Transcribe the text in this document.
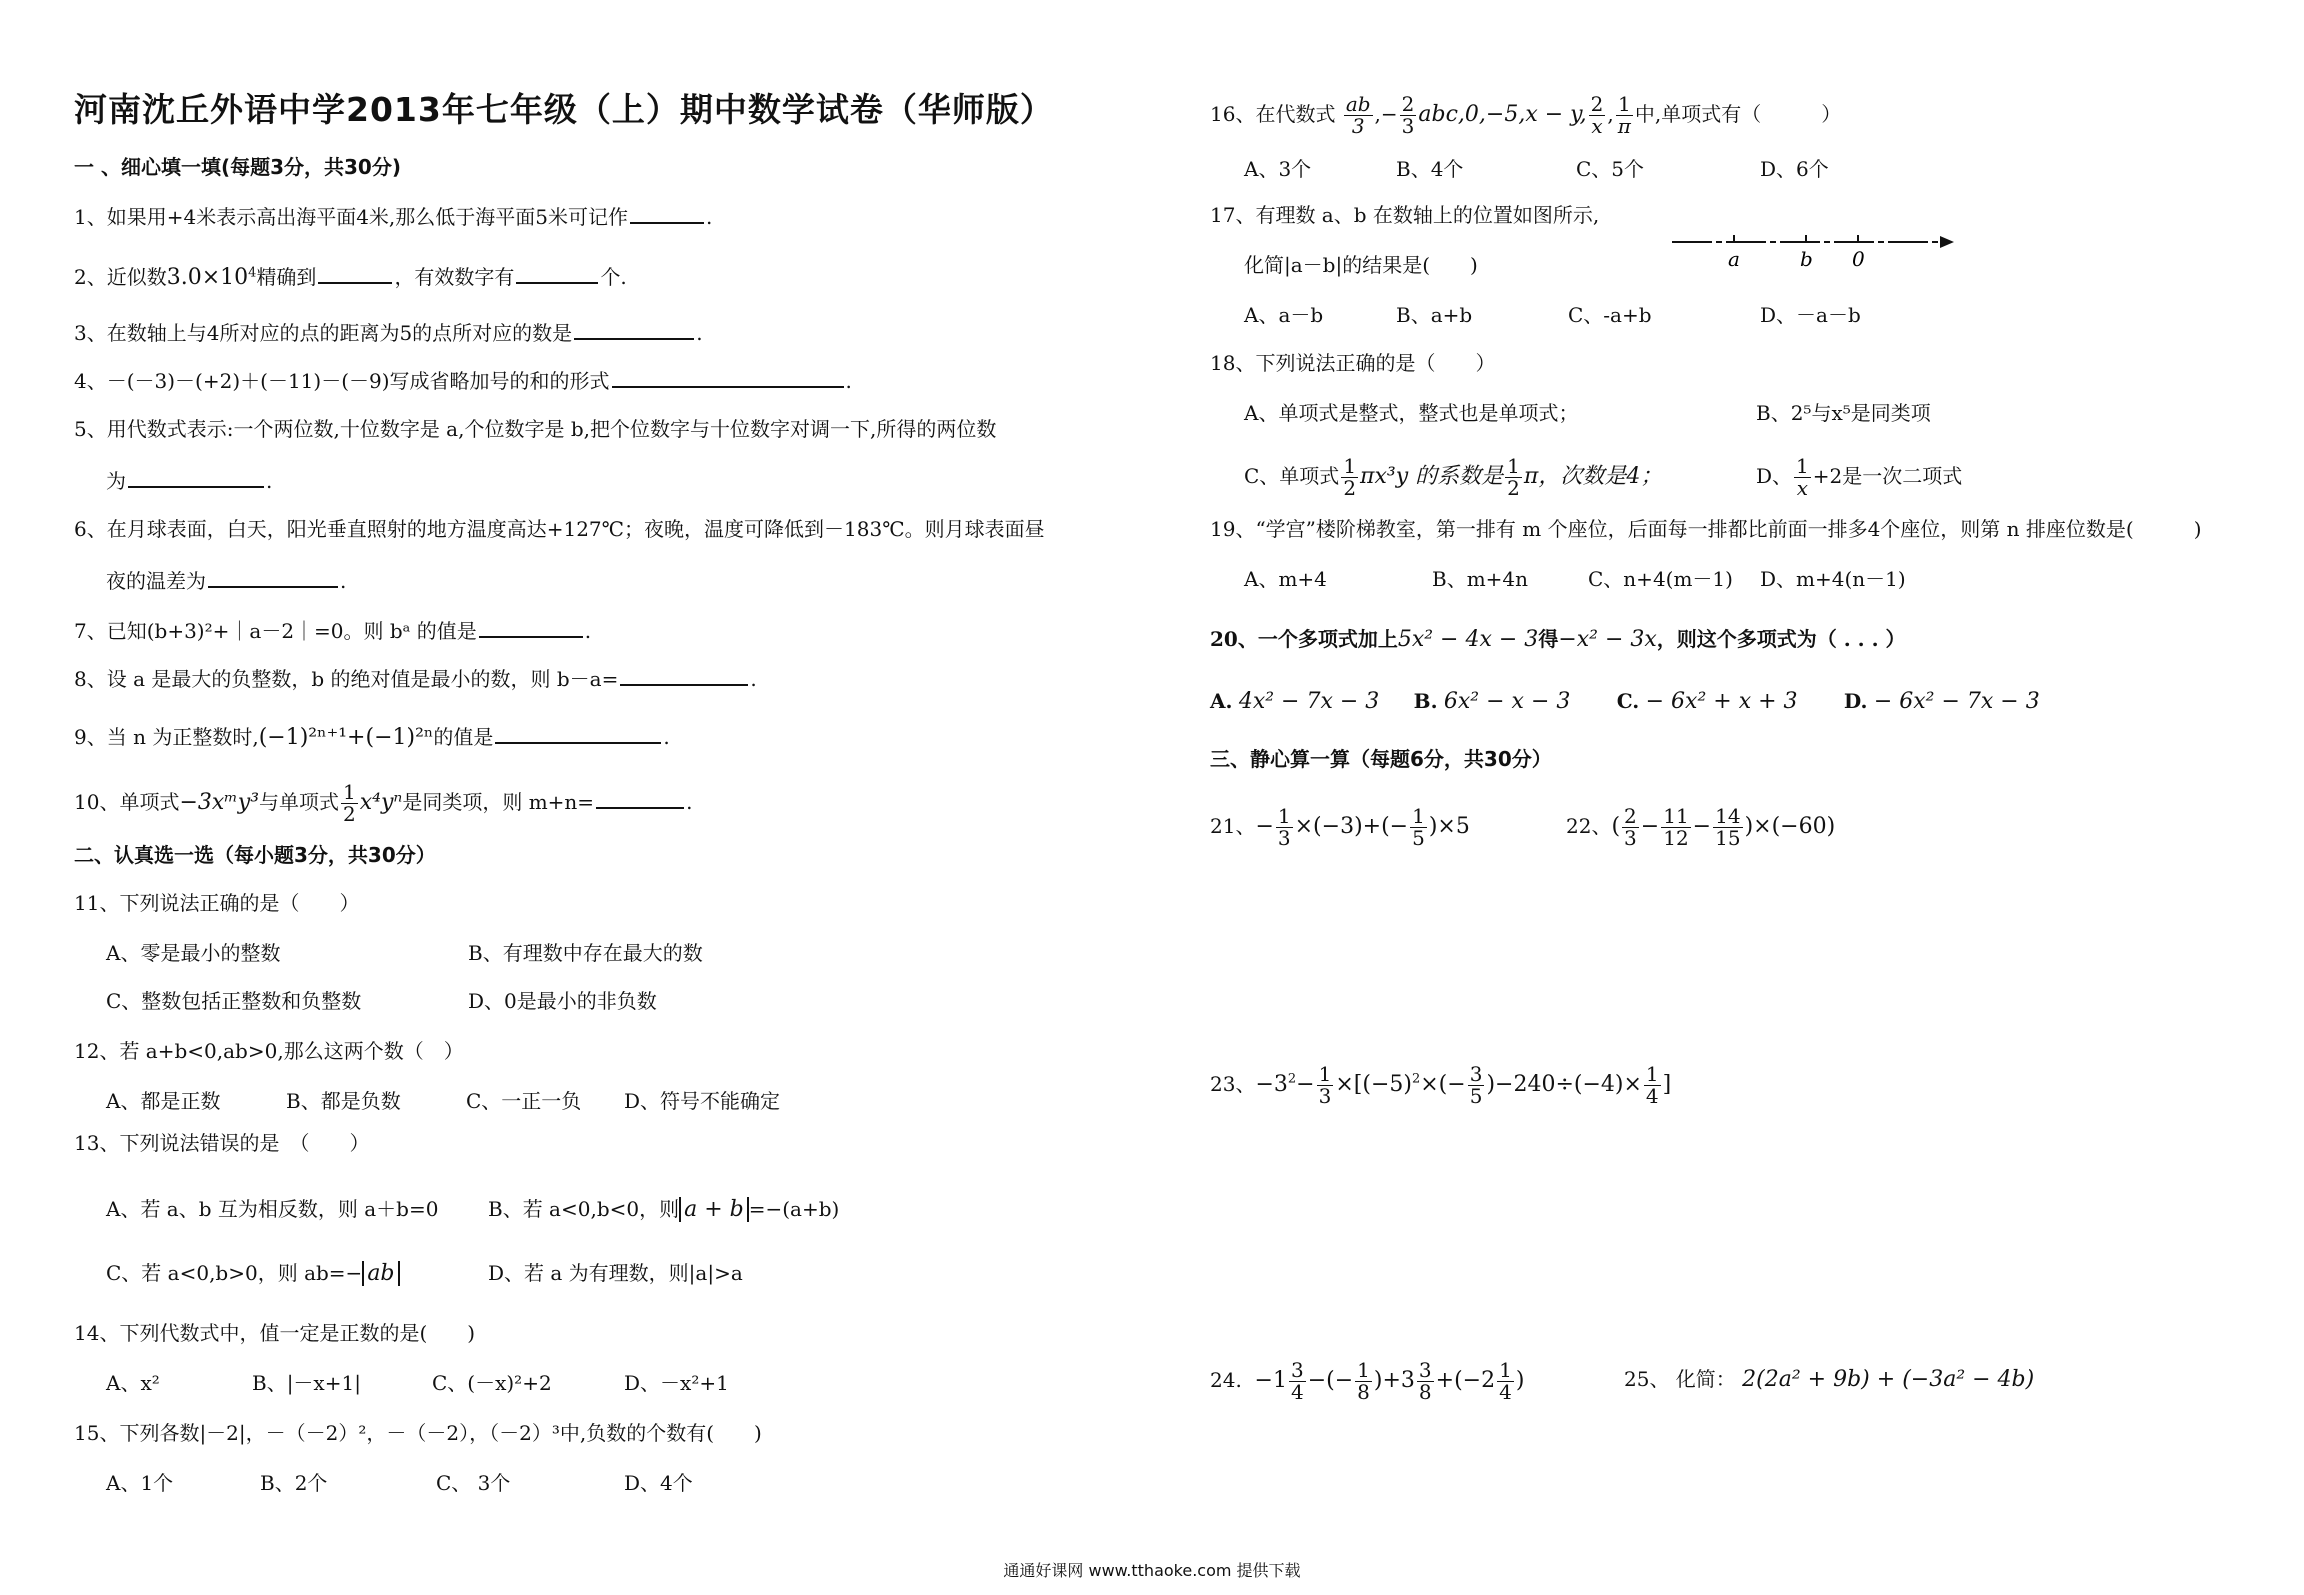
河南沈丘外语中学2013年七年级（上）期中数学试卷（华师版）
一 、细心填一填(每题3分，共30分)
1、如果用+4米表示高出海平面4米,那么低于海平面5米可记作	.
2、近似数$3.0\times 10^4$精确到	，有效数字有	个.
3、在数轴上与4所对应的点的距离为5的点所对应的数是	.
4、－(－3)－(+2)＋(－11)－(－9)写成省略加号的和的形式	.
5、用代数式表示:一个两位数,十位数字是 a,个位数字是 b,把个位数字与十位数字对调一下,所得的两位数
为	.
6、在月球表面，白天，阳光垂直照射的地方温度高达+127℃；夜晚，温度可降低到－183℃。则月球表面昼
夜的温差为	.
7、已知(b+3)²+｜a－2｜=0。则 bᵃ 的值是	.
8、设 a 是最大的负整数，b 的绝对值是最小的数，则 b－a=	.
9、当 n 为正整数时,(−1)²ⁿ⁺¹+(−1)²ⁿ的值是	.
10、单项式−3xᵐy³与单项式 $\frac{1}{2} x^4y^n$是同类项，则 m+n=	.
二、认真选一选（每小题3分，共30分）
11、下列说法正确的是（　　）
A、零是最小的整数	B、有理数中存在最大的数
C、整数包括正整数和负整数	D、0是最小的非负数
12、若 a+b<0,ab>0,那么这两个数（　）
A、都是正数	B、都是负数	C、一正一负 D、符号不能确定
13、下列说法错误的是　（　　）
A、若 a、b 互为相反数，则 a＋b=0 B、若 a<0,b<0，则 a + b =−(a+b)
C、若 a<0,b>0，则 ab=− ab	D、若 a 为有理数，则|a|>a
14、下列代数式中，值一定是正数的是(　　)
A、x²	B、|－x+1|	C、(－x)²+2	D、－x²+1
15、下列各数|－2|，－（－2）²，－（－2），（－2）³中,负数的个数有(　　)
A、1个	B、2个	C、 3个	D、4个
16、在代数式 $\frac{ab}{3}$ ,− $\frac{2}{3} abc,0,-5,x - y$, $\frac{2}{x}$ , $\frac{1}{\pi}$ 中,单项式有（　　　）
A、3个	B、4个	C、5个	D、6个
17、有理数 a、b 在数轴上的位置如图所示,
化简|a－b|的结果是(　　)	a	b 0
A、a－b	B、a+b	C、-a+b	D、－a－b
18、下列说法正确的是（　　）
A、单项式是整式，整式也是单项式；	B、2⁵与x⁵是同类项
C、单项式 $\frac{1}{2} \pi x^3y$ 的系数是 $\frac{1}{2}$ π，次数是4；	D、 $\frac{1}{x} +2$是一次二项式
19、“学宫”楼阶梯教室，第一排有 m 个座位，后面每一排都比前面一排多4个座位，则第 n 排座位数是(　　　)
A、m+4	B、m+4n	C、n+4(m－1) D、m+4(n－1)
20、一个多项式加上5x² − 4x − 3得−x² − 3x，则这个多项式为（ . . . ）
A. 4x² − 7x − 3 B. 6x² − x − 3 C. − 6x² + x + 3 D. − 6x² − 7x − 3
三、静心算一算（每题6分，共30分）
21、− $\frac{1}{3} \times(-3)+(- \frac{1}{5} )\times 5$	22、( $\frac{2}{3} - \frac{11}{12} - \frac{14}{15} )\times(-60)$
23、$-3^2- \frac{1}{3} \times[(-5)^2\times(- \frac{3}{5} )-240\div(-4)\times \frac{1}{4}$ ]
24. $-1 \frac{3}{4}$ −(− $\frac{1}{8} )+3 \frac{3}{8} +(-2 \frac{1}{4}$ )	25、 化简： 2(2a² + 9b) + (−3a² − 4b)
通通好课网 www.tthaoke.com 提供下载
